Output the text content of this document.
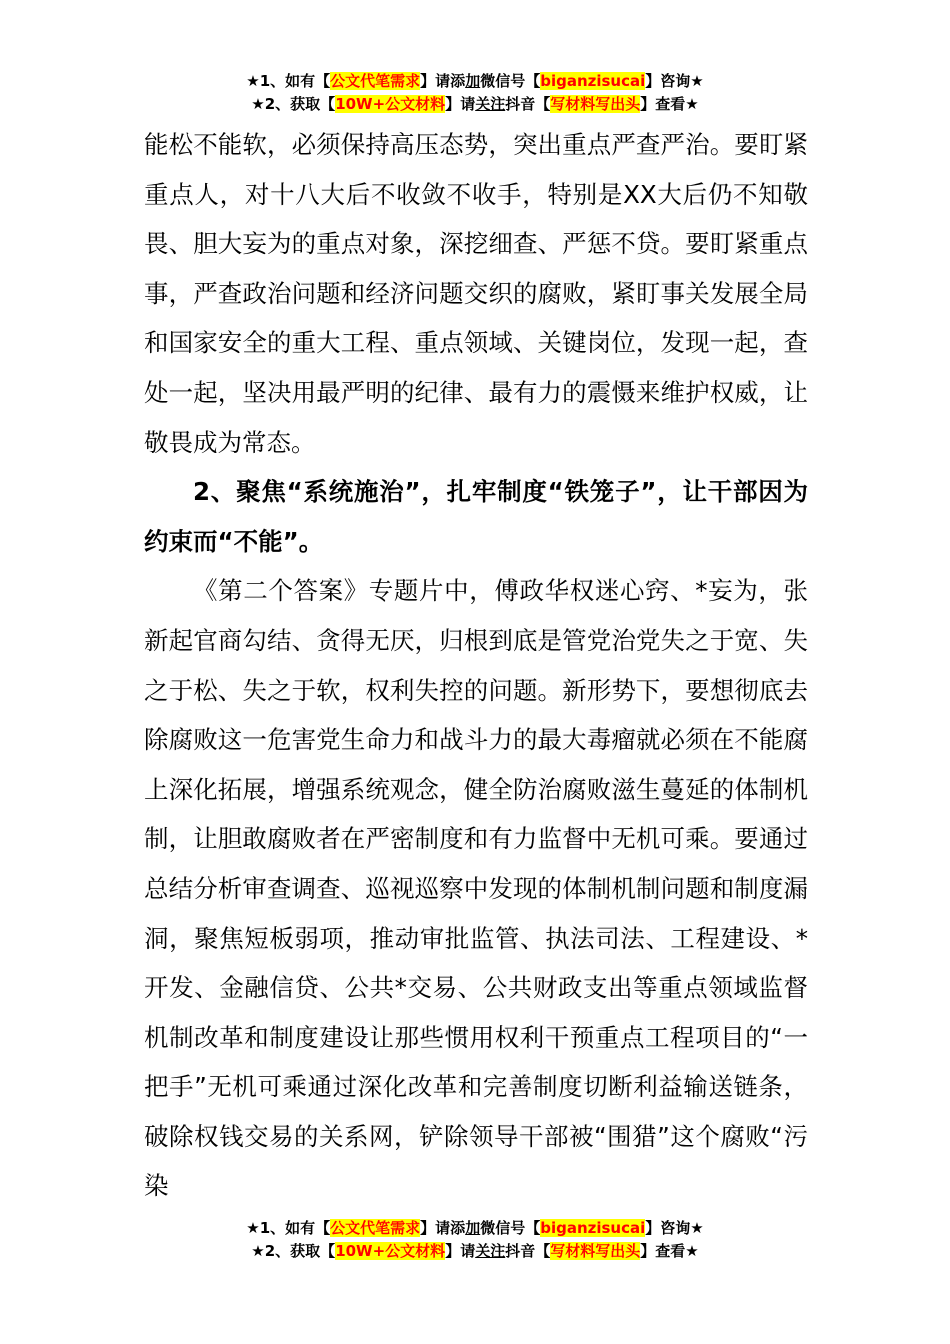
★1、如有【公文代笔需求】请添加微信号【biganzisucai】咨询★
★2、获取【10W+公文材料】请关注抖音【写材料写出头】查看★

能松不能软，必须保持高压态势，突出重点严查严治。要盯紧重点人，对十八大后不收敛不收手，特别是XX大后仍不知敬畏、胆大妄为的重点对象，深挖细查、严惩不贷。要盯紧重点事，严查政治问题和经济问题交织的腐败，紧盯事关发展全局和国家安全的重大工程、重点领域、关键岗位，发现一起，查处一起，坚决用最严明的纪律、最有力的震慑来维护权威，让敬畏成为常态。

2、聚焦“系统施治”，扎牢制度“铁笼子”，让干部因为约束而“不能”。

《第二个答案》专题片中，傅政华权迷心窍、*妄为，张新起官商勾结、贪得无厌，归根到底是管党治党失之于宽、失之于松、失之于软，权利失控的问题。新形势下，要想彻底去除腐败这一危害党生命力和战斗力的最大毒瘤就必须在不能腐上深化拓展，增强系统观念，健全防治腐败滋生蔓延的体制机制，让胆敢腐败者在严密制度和有力监督中无机可乘。要通过总结分析审查调查、巡视巡察中发现的体制机制问题和制度漏洞，聚焦短板弱项，推动审批监管、执法司法、工程建设、*开发、金融信贷、公共*交易、公共财政支出等重点领域监督机制改革和制度建设让那些惯用权利干预重点工程项目的“一把手”无机可乘通过深化改革和完善制度切断利益输送链条，破除权钱交易的关系网，铲除领导干部被“围猎”这个腐败“污染

★1、如有【公文代笔需求】请添加微信号【biganzisucai】咨询★
★2、获取【10W+公文材料】请关注抖音【写材料写出头】查看★
